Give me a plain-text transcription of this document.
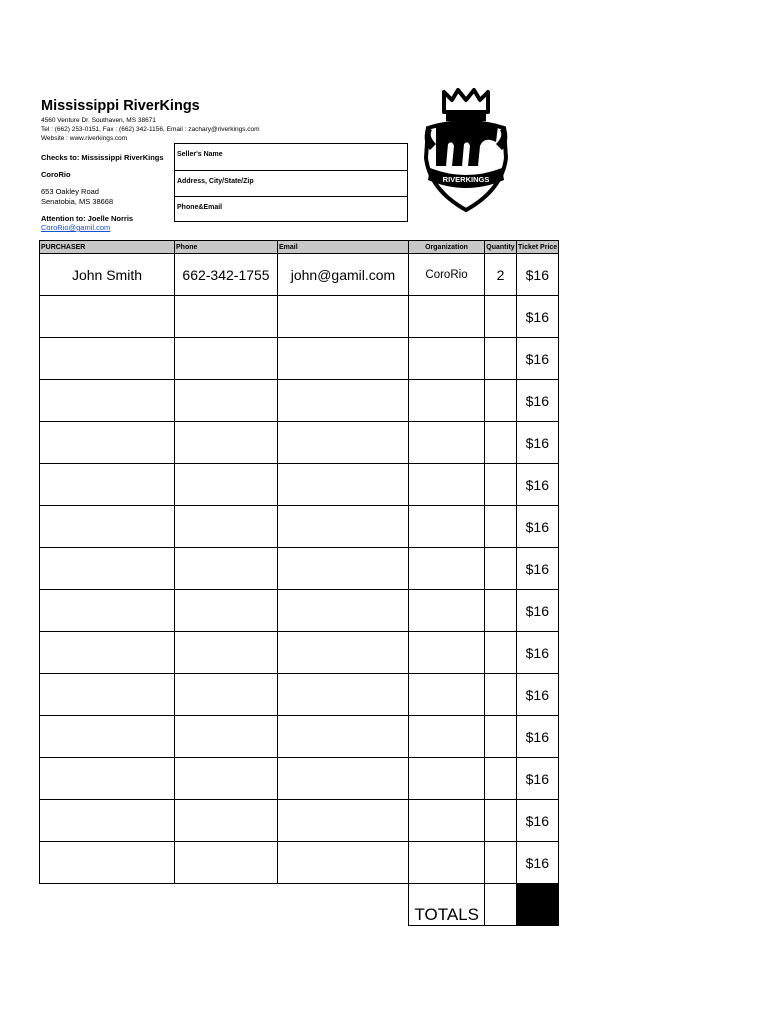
Mississippi RiverKings
4560 Venture Dr. Southaven, MS 38671
Tel : (662) 253-0151, Fax : (662) 342-1156, Email : zachary@riverkings.com
Website : www.riverkings.com
Checks to: Mississippi RiverKings
CoroRio
653 Oakley Road
Senatobia, MS 38668
Attention to: Joelle Norris
CoroRio@gamil.com
Seller's Name
Address, City/State/Zip
Phone&Email
RIVERKINGS
PURCHASER	Phone	Email	Organization	Quantity	Ticket Price
John Smith	662-342-1755	john@gamil.com	CoroRio	2	$16
					$16
					$16
					$16
					$16
					$16
					$16
					$16
					$16
					$16
					$16
					$16
					$16
					$16
					$16
			TOTALS		
